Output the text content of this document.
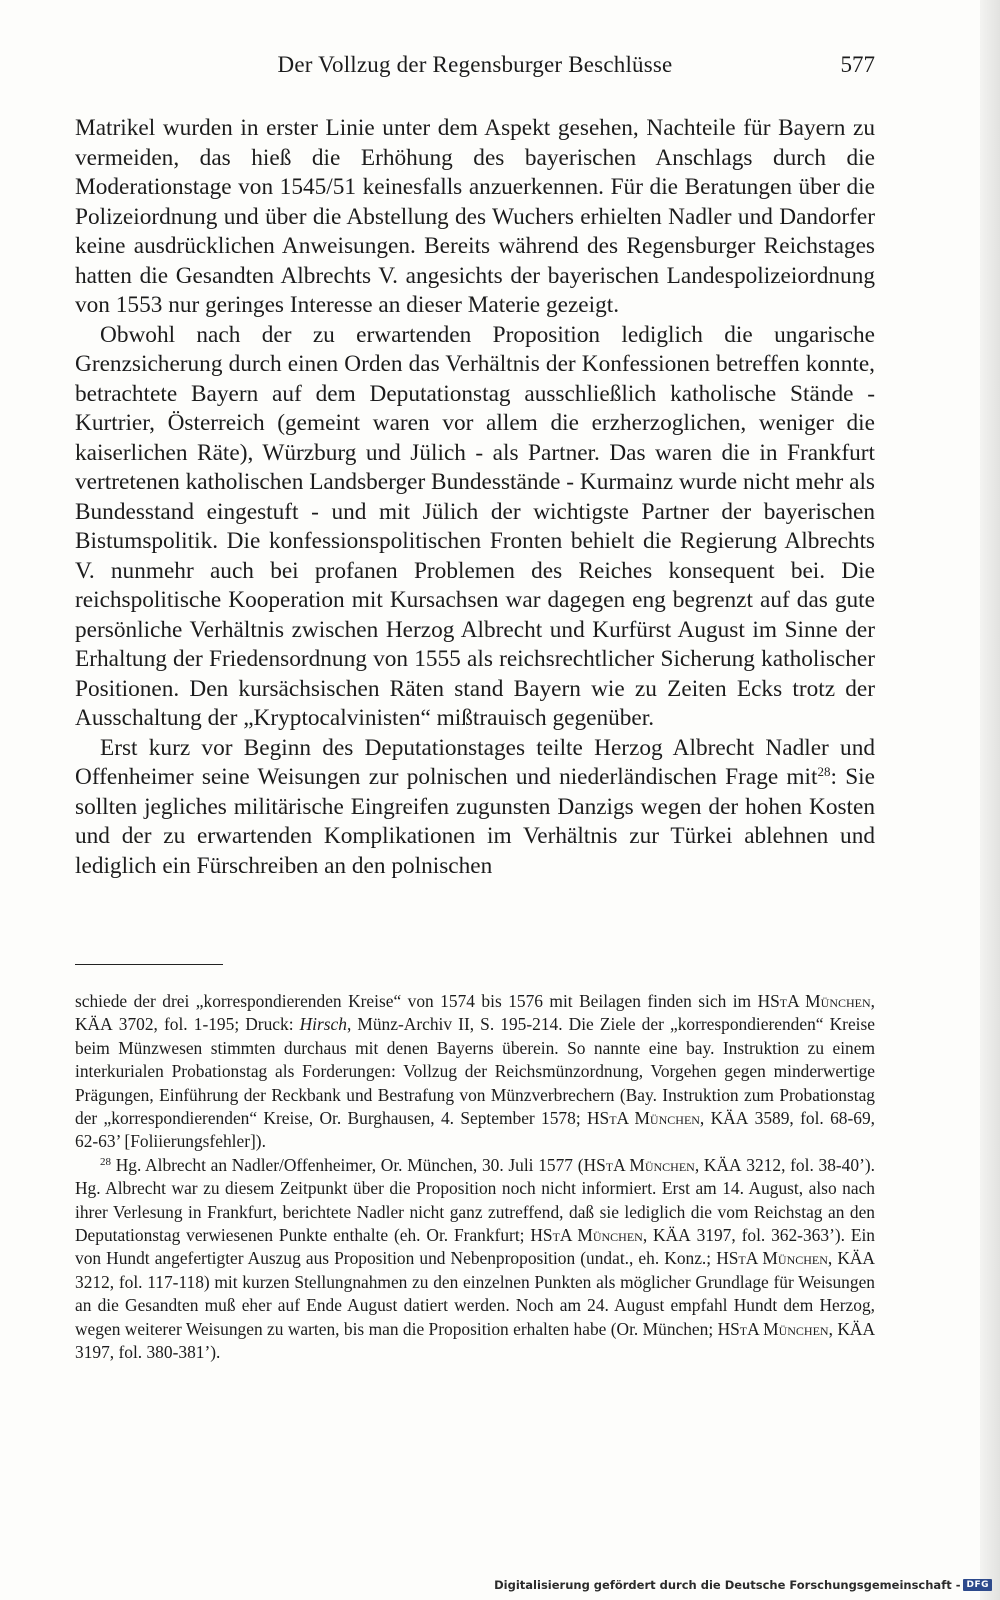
Der Vollzug der Regensburger Beschlüsse	577

Matrikel wurden in erster Linie unter dem Aspekt gesehen, Nachteile für Bayern zu vermeiden, das hieß die Erhöhung des bayerischen Anschlags durch die Moderationstage von 1545/51 keinesfalls anzuerkennen. Für die Beratungen über die Polizeiordnung und über die Abstellung des Wuchers erhielten Nadler und Dandorfer keine ausdrücklichen Anweisungen. Bereits während des Regensburger Reichstages hatten die Gesandten Albrechts V. angesichts der bayerischen Landespolizeiordnung von 1553 nur geringes Interesse an dieser Materie gezeigt.

Obwohl nach der zu erwartenden Proposition lediglich die ungarische Grenzsicherung durch einen Orden das Verhältnis der Konfessionen betreffen konnte, betrachtete Bayern auf dem Deputationstag ausschließlich katholische Stände - Kurtrier, Österreich (gemeint waren vor allem die erzherzoglichen, weniger die kaiserlichen Räte), Würzburg und Jülich - als Partner. Das waren die in Frankfurt vertretenen katholischen Landsberger Bundesstände - Kurmainz wurde nicht mehr als Bundesstand eingestuft - und mit Jülich der wichtigste Partner der bayerischen Bistumspolitik. Die konfessionspolitischen Fronten behielt die Regierung Albrechts V. nunmehr auch bei profanen Problemen des Reiches konsequent bei. Die reichspolitische Kooperation mit Kursachsen war dagegen eng begrenzt auf das gute persönliche Verhältnis zwischen Herzog Albrecht und Kurfürst August im Sinne der Erhaltung der Friedensordnung von 1555 als reichsrechtlicher Sicherung katholischer Positionen. Den kursächsischen Räten stand Bayern wie zu Zeiten Ecks trotz der Ausschaltung der „Kryptocalvinisten“ mißtrauisch gegenüber.

Erst kurz vor Beginn des Deputationstages teilte Herzog Albrecht Nadler und Offenheimer seine Weisungen zur polnischen und niederländischen Frage mit$^{28}$: Sie sollten jegliches militärische Eingreifen zugunsten Danzigs wegen der hohen Kosten und der zu erwartenden Komplikationen im Verhältnis zur Türkei ablehnen und lediglich ein Fürschreiben an den polnischen

schiede der drei „korrespondierenden Kreise“ von 1574 bis 1576 mit Beilagen finden sich im HStA München, KÄA 3702, fol. 1-195; Druck: Hirsch, Münz-Archiv II, S. 195-214. Die Ziele der „korrespondierenden“ Kreise beim Münzwesen stimmten durchaus mit denen Bayerns überein. So nannte eine bay. Instruktion zu einem interkurialen Probationstag als Forderungen: Vollzug der Reichsmünzordnung, Vorgehen gegen minderwertige Prägungen, Einführung der Reckbank und Bestrafung von Münzverbrechern (Bay. Instruktion zum Probationstag der „korrespondierenden“ Kreise, Or. Burghausen, 4. September 1578; HStA München, KÄA 3589, fol. 68-69, 62-63’ [Foliierungsfehler]).

$^{28}$ Hg. Albrecht an Nadler/Offenheimer, Or. München, 30. Juli 1577 (HStA München, KÄA 3212, fol. 38-40’). Hg. Albrecht war zu diesem Zeitpunkt über die Proposition noch nicht informiert. Erst am 14. August, also nach ihrer Verlesung in Frankfurt, berichtete Nadler nicht ganz zutreffend, daß sie lediglich die vom Reichstag an den Deputationstag verwiesenen Punkte enthalte (eh. Or. Frankfurt; HStA München, KÄA 3197, fol. 362-363’). Ein von Hundt angefertigter Auszug aus Proposition und Nebenproposition (undat., eh. Konz.; HStA München, KÄA 3212, fol. 117-118) mit kurzen Stellungnahmen zu den einzelnen Punkten als möglicher Grundlage für Weisungen an die Gesandten muß eher auf Ende August datiert werden. Noch am 24. August empfahl Hundt dem Herzog, wegen weiterer Weisungen zu warten, bis man die Proposition erhalten habe (Or. München; HStA München, KÄA 3197, fol. 380-381’).

Digitalisierung gefördert durch die Deutsche Forschungsgemeinschaft - DFG
